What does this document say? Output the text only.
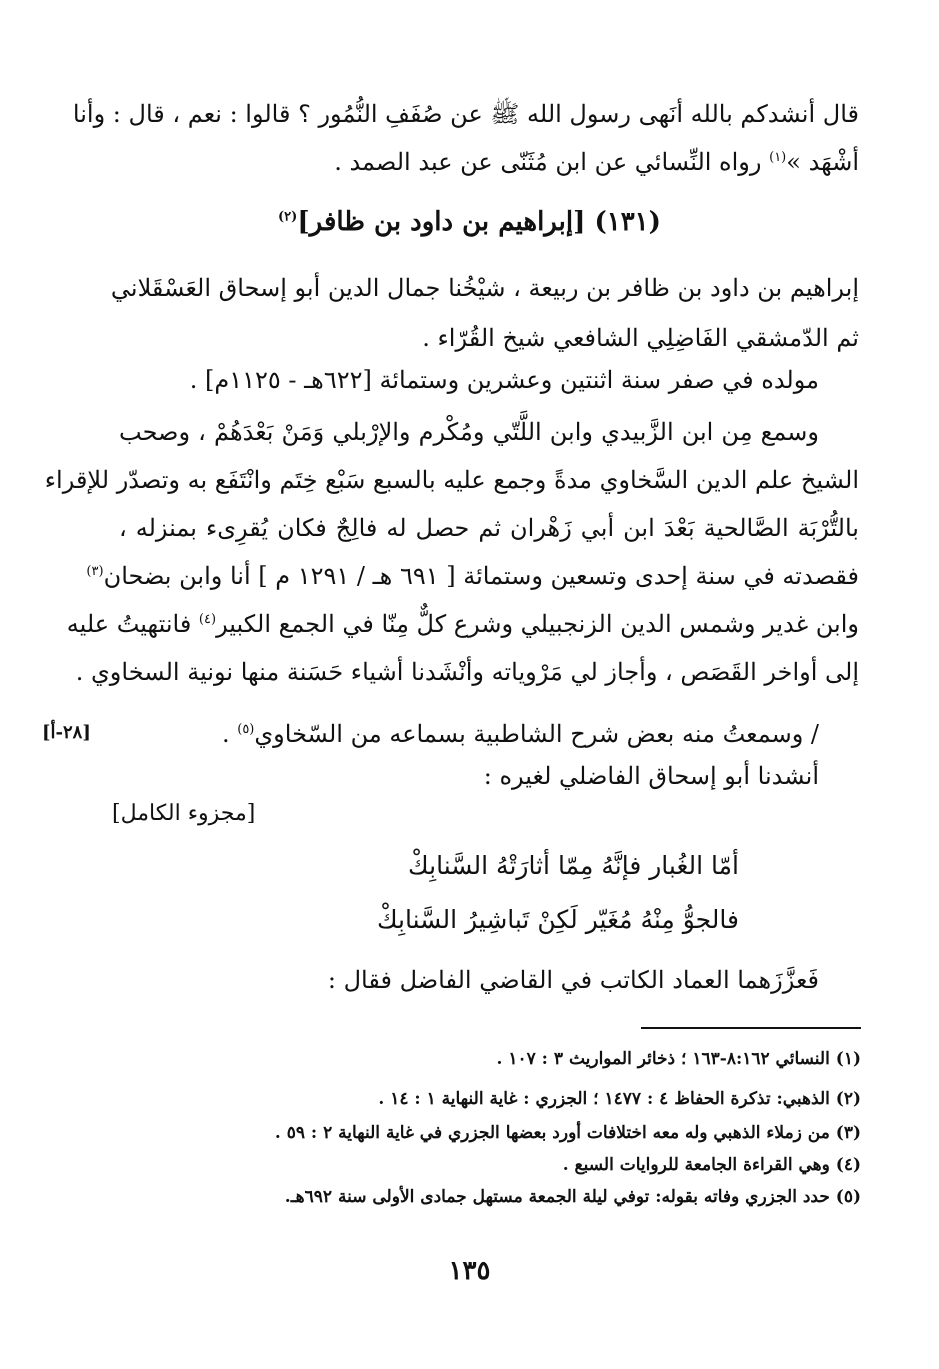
قال أنشدكم بالله أنَهى رسول الله ﷺ عن صُفَفِ النُّمُور ؟ قالوا : نعم ، قال : وأنا
أشْهَد »$^{(١)}$ رواه النِّسائي عن ابن مُثَنّى عن عبد الصمد .
(١٣١) [إبراهيم بن داود بن ظافر]$^{(٢)}$
إبراهيم بن داود بن ظافر بن ربيعة ، شيْخُنا جمال الدين أبو إسحاق العَسْقَلاني
ثم الدّمشقي الفَاضِلِي الشافعي شيخ القُرّاء .
مولده في صفر سنة اثنتين وعشرين وستمائة [٦٢٢هـ - ١١٢٥م] .
وسمع مِن ابن الزَّبيدي وابن اللَّتّي ومُكْرم والإرْبلي وَمَنْ بَعْدَهُمْ ، وصحب
الشيخ علم الدين السَّخاوي مدةً وجمع عليه بالسبع سَبْع خِتَم وانْتَفَع به وتصدّر للإقراء
بالتُّرْبَة الصَّالحية بَعْدَ ابن أبي زَهْران ثم حصل له فالِجٌ فكان يُقرِىء بمنزله ،
فقصدته في سنة إحدى وتسعين وستمائة [ ٦٩١ هـ / ١٢٩١ م ] أنا وابن بضحان$^{(٣)}$
وابن غدير وشمس الدين الزنجبيلي وشرع كلٌّ مِنّا في الجمع الكبير$^{(٤)}$ فانتهيتُ عليه
إلى أواخر القَصَص ، وأجاز لي مَرْوياته وأنْشَدنا أشياء حَسَنة منها نونية السخاوي .
[٢٨-أ]	/ وسمعتُ منه بعض شرح الشاطبية بسماعه من السّخاوي$^{(٥)}$ .
أنشدنا أبو إسحاق الفاضلي لغيره :
[مجزوء الكامل]
أمّا الغُبار فإنَّهُ مِمّا أثارَتْهُ السَّنابِكْ
فالجوُّ مِنْهُ مُغَيّر لَكِنْ تَباشِيرُ السَّنابِكْ
فَعزَّزَهما العماد الكاتب في القاضي الفاضل فقال :
(١) النسائي ٨:١٦٢-١٦٣ ؛ ذخائر المواريث ٣ : ١٠٧ .
(٢) الذهبي: تذكرة الحفاظ ٤ : ١٤٧٧ ؛ الجزري : غاية النهاية ١ : ١٤ .
(٣) من زملاء الذهبي وله معه اختلافات أورد بعضها الجزري في غاية النهاية ٢ : ٥٩ .
(٤) وهي القراءة الجامعة للروايات السبع .
(٥) حدد الجزري وفاته بقوله: توفي ليلة الجمعة مستهل جمادى الأولى سنة ٦٩٢هـ.
١٣٥
